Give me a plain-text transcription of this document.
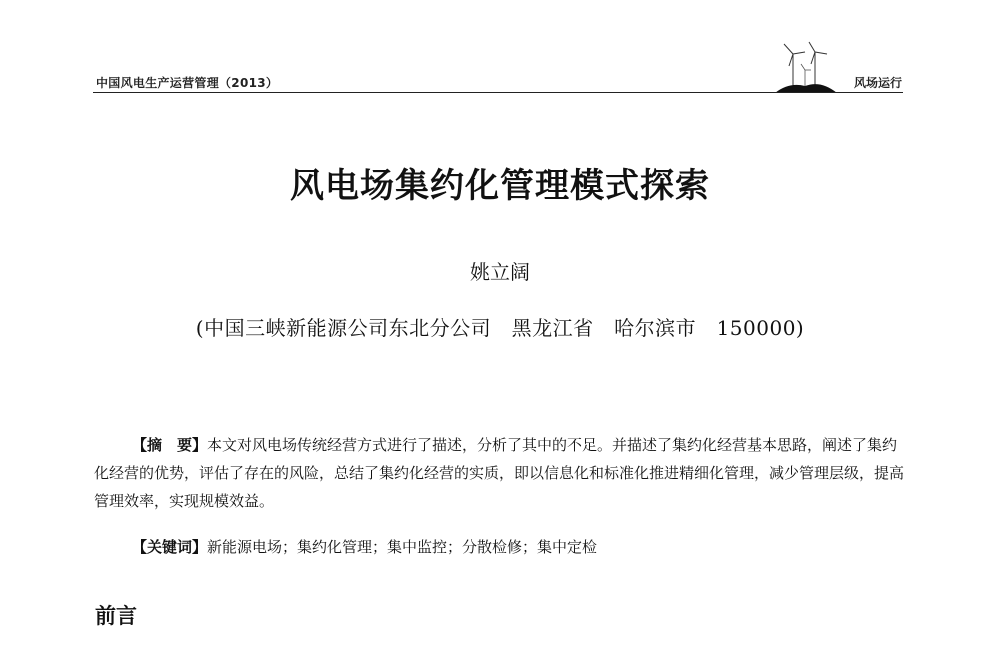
中国风电生产运营管理（2013）	风场运行
风电场集约化管理模式探索
姚立阔
(中国三峡新能源公司东北分公司　黑龙江省　哈尔滨市　150000)
【摘　要】本文对风电场传统经营方式进行了描述，分析了其中的不足。并描述了集约化经营基本思路，阐述了集约化经营的优势，评估了存在的风险，总结了集约化经营的实质，即以信息化和标准化推进精细化管理，减少管理层级，提高管理效率，实现规模效益。
【关键词】新能源电场；集约化管理；集中监控；分散检修；集中定检
前言
